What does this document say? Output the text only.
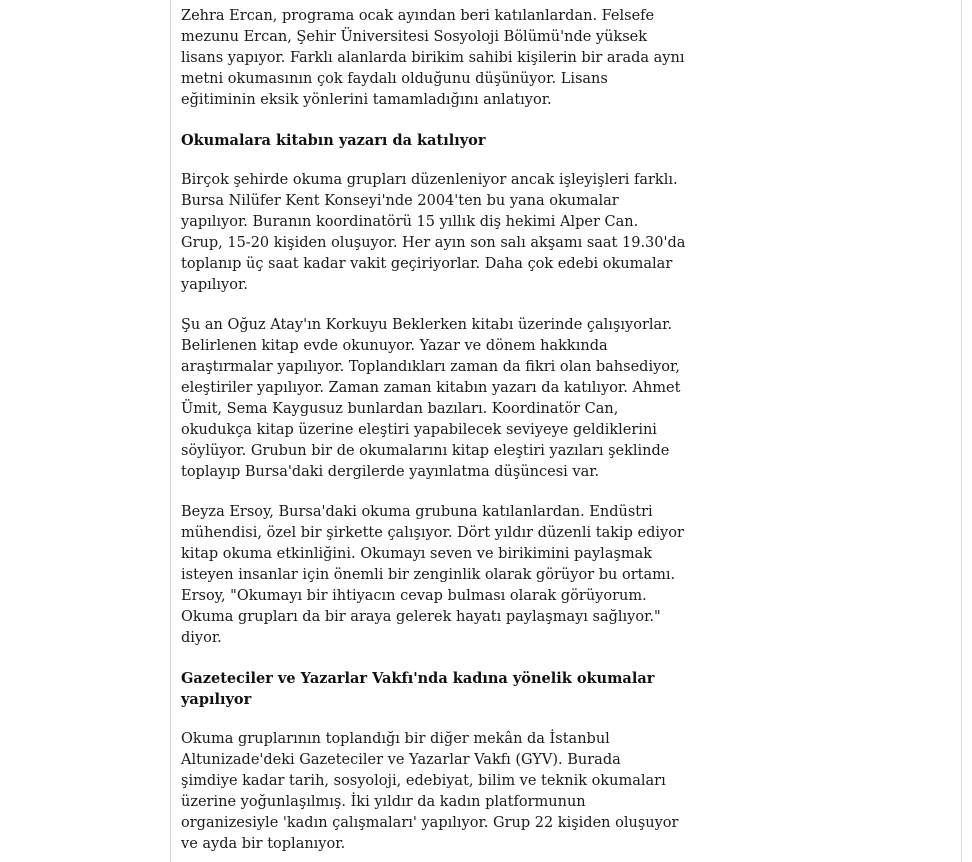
Zehra Ercan, programa ocak ayından beri katılanlardan. Felsefe
mezunu Ercan, Şehir Üniversitesi Sosyoloji Bölümü'nde yüksek
lisans yapıyor. Farklı alanlarda birikim sahibi kişilerin bir arada aynı
metni okumasının çok faydalı olduğunu düşünüyor. Lisans
eğitiminin eksik yönlerini tamamladığını anlatıyor.

Okumalara kitabın yazarı da katılıyor

Birçok şehirde okuma grupları düzenleniyor ancak işleyişleri farklı.
Bursa Nilüfer Kent Konseyi'nde 2004'ten bu yana okumalar
yapılıyor. Buranın koordinatörü 15 yıllık diş hekimi Alper Can.
Grup, 15-20 kişiden oluşuyor. Her ayın son salı akşamı saat 19.30'da
toplanıp üç saat kadar vakit geçiriyorlar. Daha çok edebi okumalar
yapılıyor.

Şu an Oğuz Atay'ın Korkuyu Beklerken kitabı üzerinde çalışıyorlar.
Belirlenen kitap evde okunuyor. Yazar ve dönem hakkında
araştırmalar yapılıyor. Toplandıkları zaman da fikri olan bahsediyor,
eleştiriler yapılıyor. Zaman zaman kitabın yazarı da katılıyor. Ahmet
Ümit, Sema Kaygusuz bunlardan bazıları. Koordinatör Can,
okudukça kitap üzerine eleştiri yapabilecek seviyeye geldiklerini
söylüyor. Grubun bir de okumalarını kitap eleştiri yazıları şeklinde
toplayıp Bursa'daki dergilerde yayınlatma düşüncesi var.

Beyza Ersoy, Bursa'daki okuma grubuna katılanlardan. Endüstri
mühendisi, özel bir şirkette çalışıyor. Dört yıldır düzenli takip ediyor
kitap okuma etkinliğini. Okumayı seven ve birikimini paylaşmak
isteyen insanlar için önemli bir zenginlik olarak görüyor bu ortamı.
Ersoy, "Okumayı bir ihtiyacın cevap bulması olarak görüyorum.
Okuma grupları da bir araya gelerek hayatı paylaşmayı sağlıyor."
diyor.

Gazeteciler ve Yazarlar Vakfı'nda kadına yönelik okumalar
yapılıyor

Okuma gruplarının toplandığı bir diğer mekân da İstanbul
Altunizade'deki Gazeteciler ve Yazarlar Vakfı (GYV). Burada
şimdiye kadar tarih, sosyoloji, edebiyat, bilim ve teknik okumaları
üzerine yoğunlaşılmış. İki yıldır da kadın platformunun
organizesiyle 'kadın çalışmaları' yapılıyor. Grup 22 kişiden oluşuyor
ve ayda bir toplanıyor.
